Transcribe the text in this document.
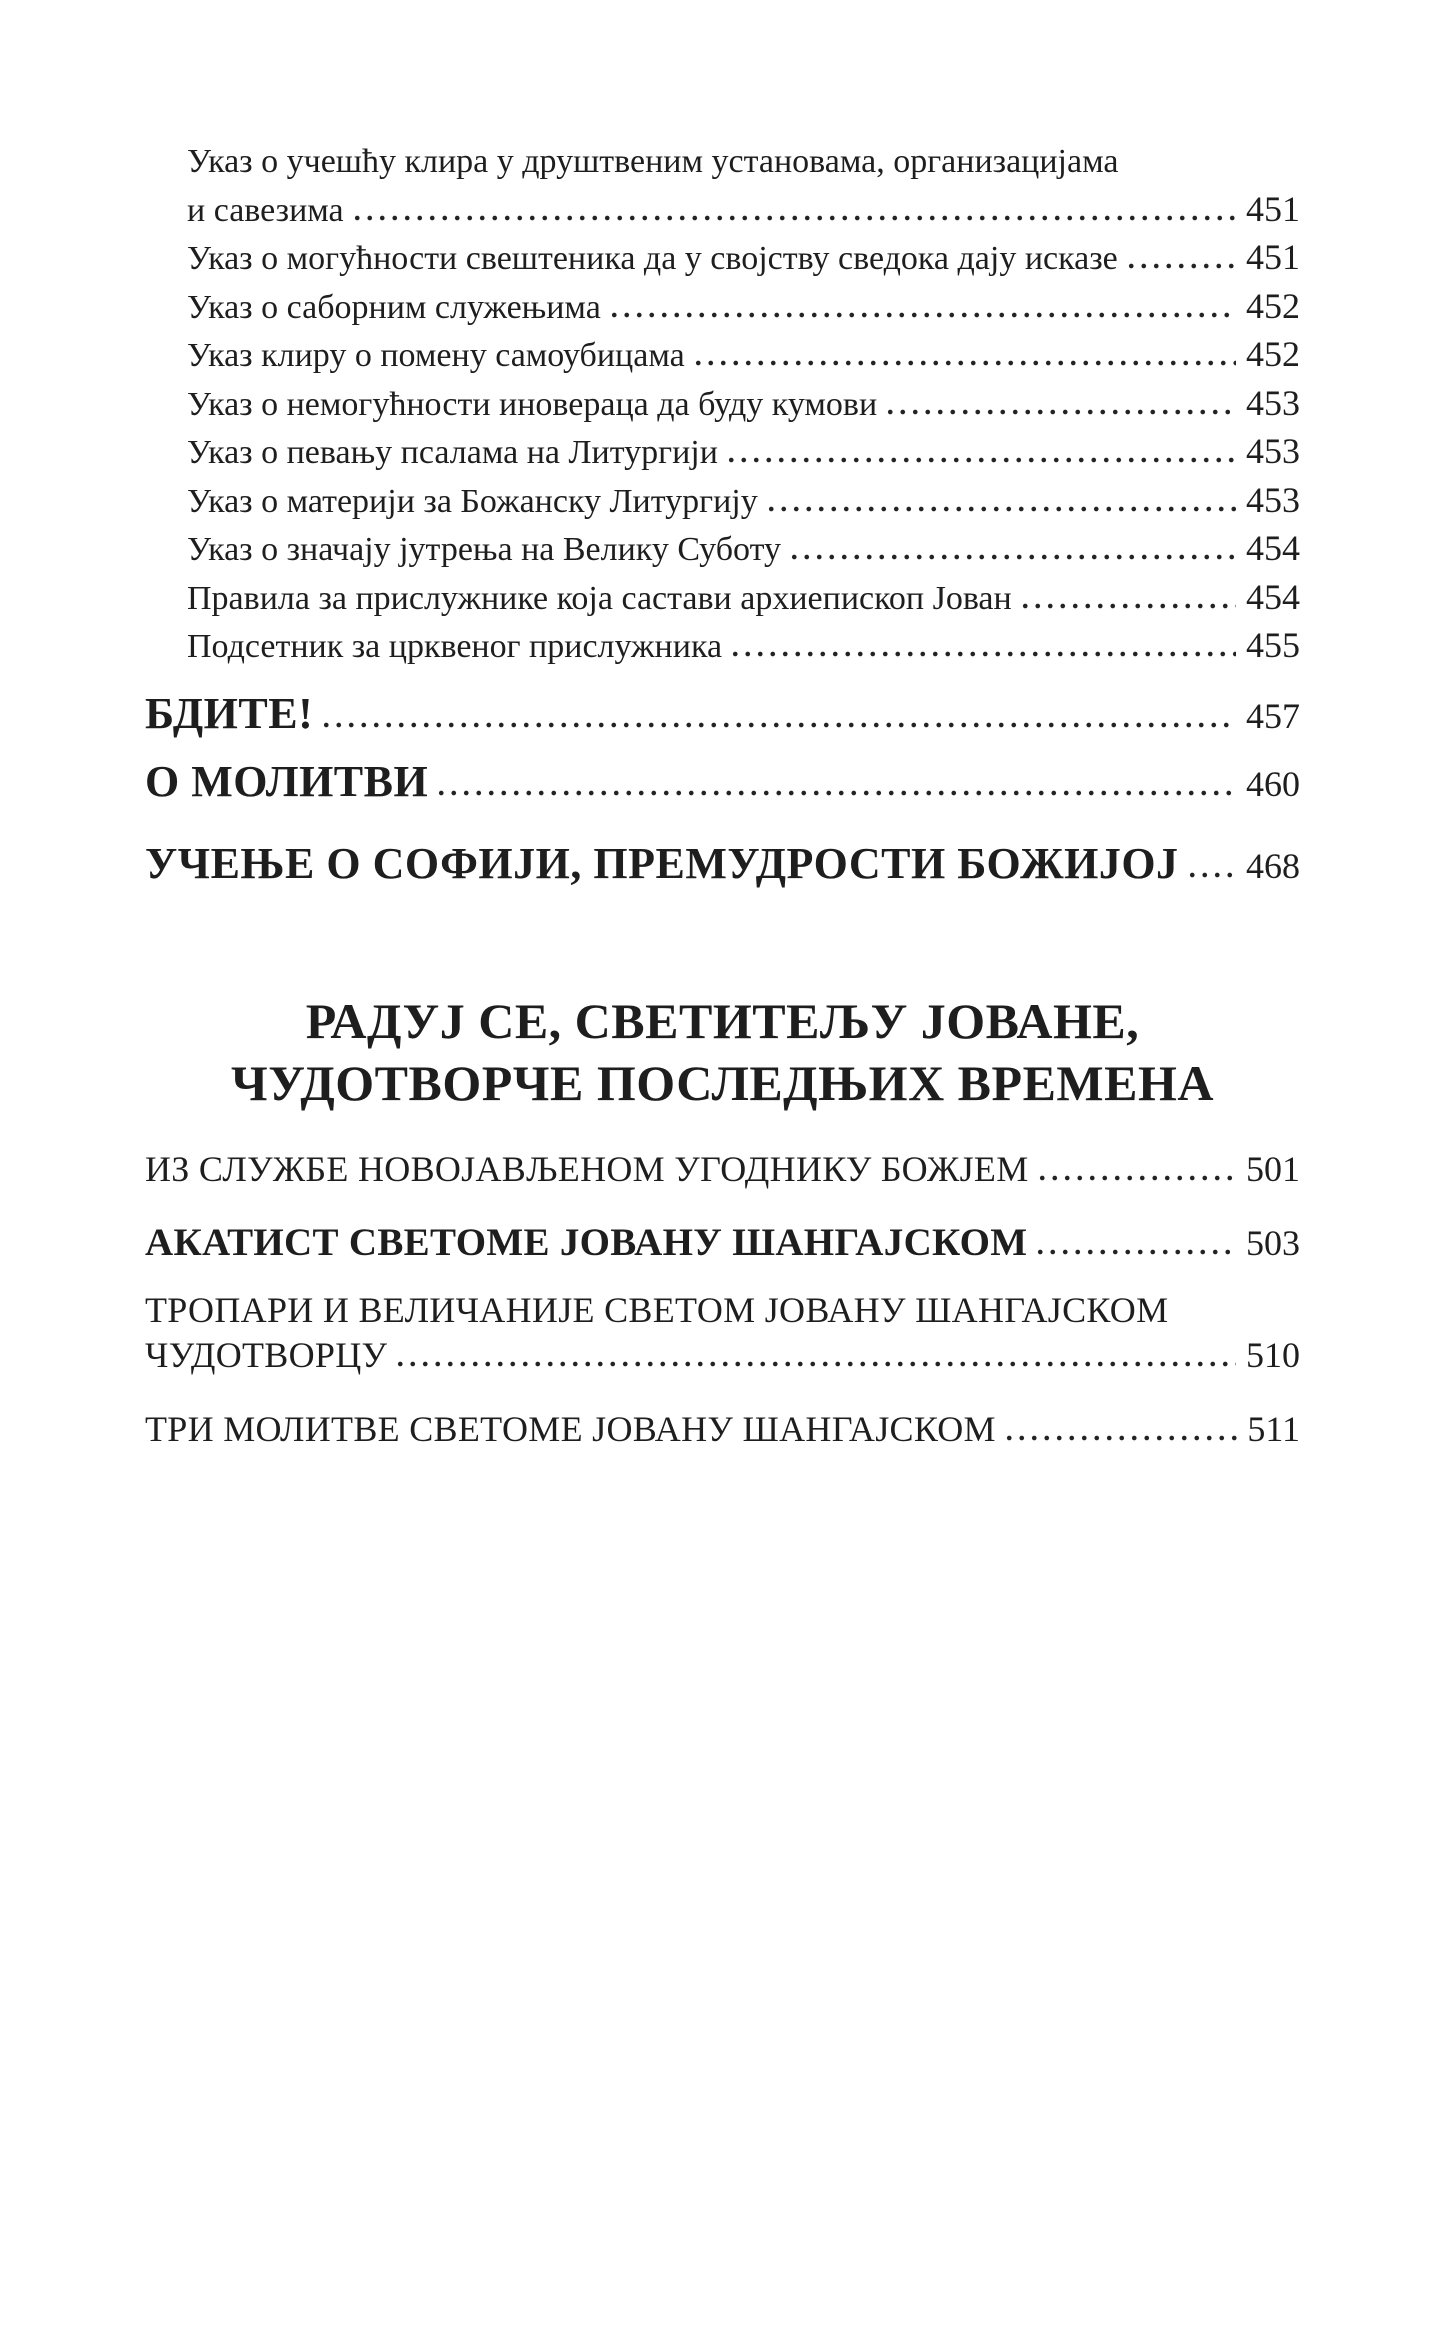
Указ о учешћу клира у друштвеним установама, организацијама
и савезима	451
Указ о могућности свештеника да у својству сведока дају исказе	451
Указ о саборним служењима	452
Указ клиру о помену самоубицама	452
Указ о немогућности иновераца да буду кумови	453
Указ о певању псалама на Литургији	453
Указ о материји за Божанску Литургију	453
Указ о значају јутрења на Велику Суботу	454
Правила за прислужнике која састави архиепископ Јован	454
Подсетник за црквеног прислужника	455
БДИТЕ!	457
О МОЛИТВИ	460
УЧЕЊЕ О СОФИЈИ, ПРЕМУДРОСТИ БОЖИЈОЈ 468
РАДУЈ СЕ, СВЕТИТЕЉУ ЈОВАНЕ,
ЧУДОТВОРЧЕ ПОСЛЕДЊИХ ВРЕМЕНА
ИЗ СЛУЖБЕ НОВОЈАВЉЕНОМ УГОДНИКУ БОЖЈЕМ	501
АКАТИСТ СВЕТОМЕ ЈОВАНУ ШАНГАЈСКОМ	503
ТРОПАРИ И ВЕЛИЧАНИЈЕ СВЕТОМ ЈОВАНУ ШАНГАЈСКОМ
ЧУДОТВОРЦУ	510
ТРИ МОЛИТВЕ СВЕТОМЕ ЈОВАНУ ШАНГАЈСКОМ	511
